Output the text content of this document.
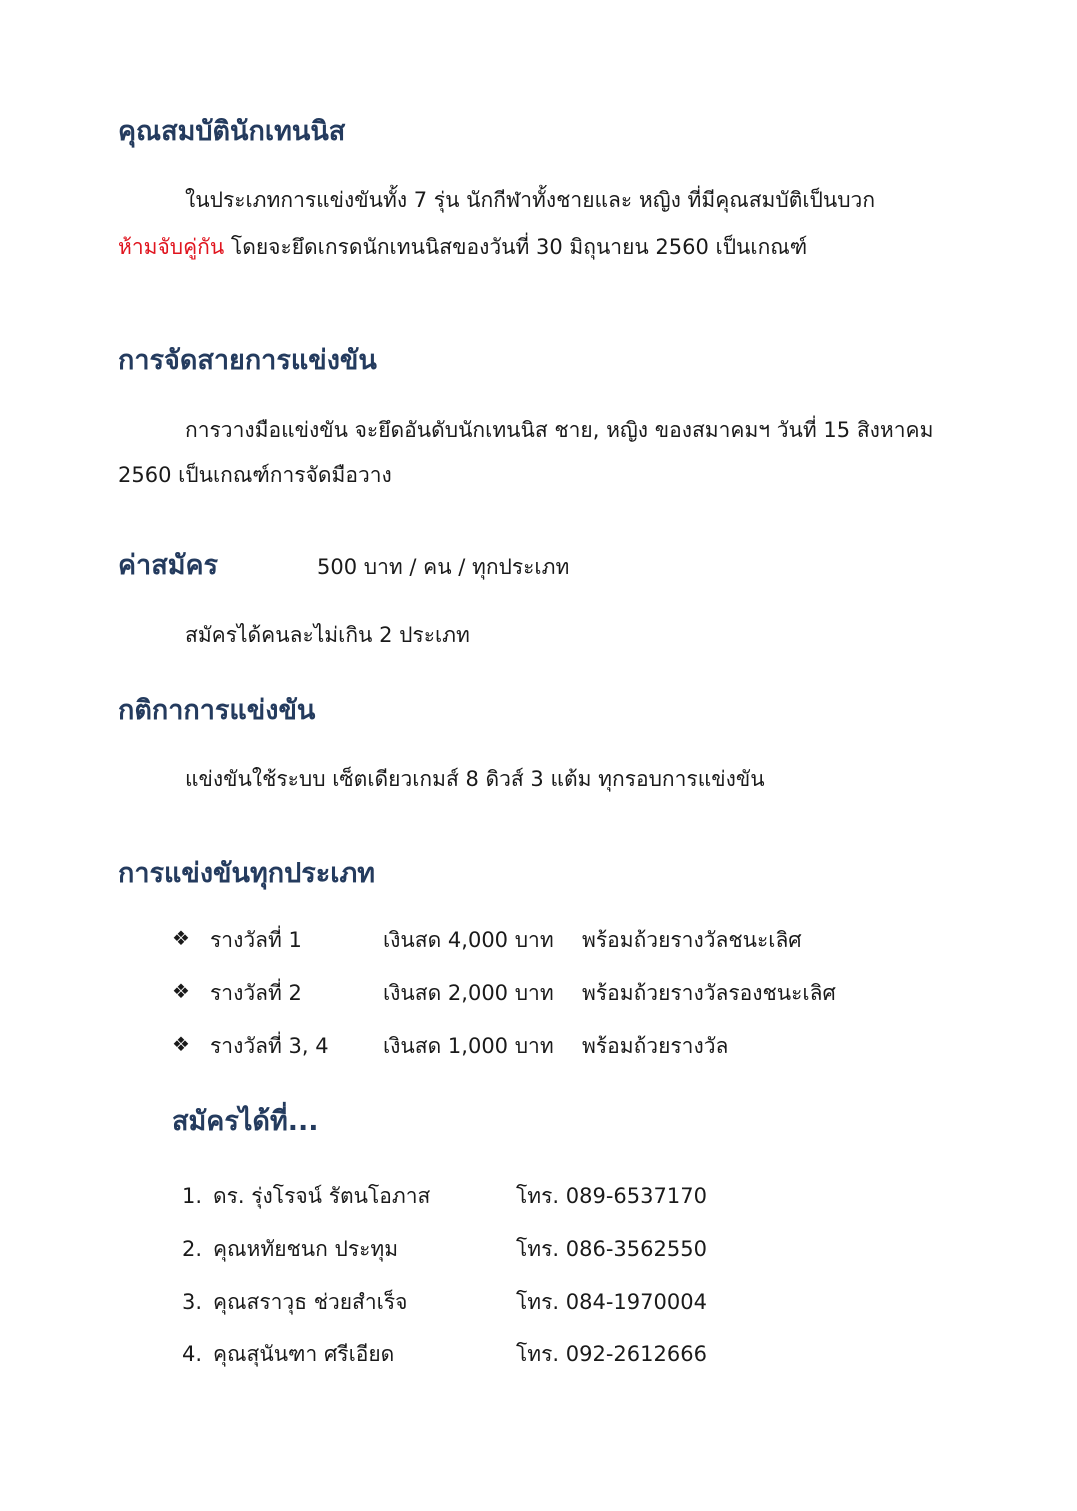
คุณสมบัตินักเทนนิส
ในประเภทการแข่งขันทั้ง 7 รุ่น นักกีฬาทั้งชายและ หญิง ที่มีคุณสมบัติเป็นบวก
ห้ามจับคู่กัน โดยจะยึดเกรดนักเทนนิสของวันที่ 30 มิถุนายน 2560 เป็นเกณฑ์
การจัดสายการแข่งขัน
การวางมือแข่งขัน จะยึดอันดับนักเทนนิส ชาย, หญิง ของสมาคมฯ วันที่ 15 สิงหาคม
2560 เป็นเกณฑ์การจัดมือวาง
ค่าสมัคร	500 บาท / คน / ทุกประเภท
สมัครได้คนละไม่เกิน 2 ประเภท
กติกาการแข่งขัน
แข่งขันใช้ระบบ เซ็ตเดียวเกมส์ 8 ดิวส์ 3 แต้ม ทุกรอบการแข่งขัน
การแข่งขันทุกประเภท
❖ รางวัลที่ 1	เงินสด 4,000 บาท พร้อมถ้วยรางวัลชนะเลิศ
❖ รางวัลที่ 2	เงินสด 2,000 บาท พร้อมถ้วยรางวัลรองชนะเลิศ
❖ รางวัลที่ 3, 4	เงินสด 1,000 บาท พร้อมถ้วยรางวัล
สมัครได้ที่...
1. ดร. รุ่งโรจน์ รัตนโอภาส	โทร. 089-6537170
2. คุณหทัยชนก ประทุม	โทร. 086-3562550
3. คุณสราวุธ ช่วยสำเร็จ	โทร. 084-1970004
4. คุณสุนันฑา ศรีเอียด	โทร. 092-2612666
